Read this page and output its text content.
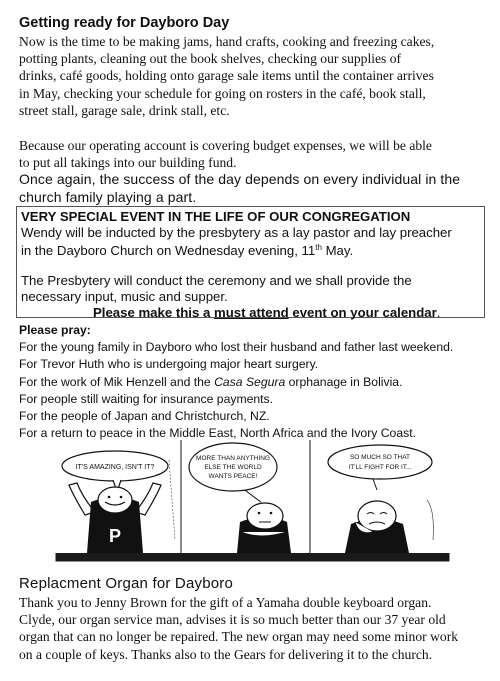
Getting ready for Dayboro Day
Now is the time to be making jams, hand crafts, cooking and freezing cakes,
potting plants, cleaning out the book shelves, checking our supplies of
drinks, café goods, holding onto garage sale items until the container arrives
in May, checking your schedule for going on rosters in the café, book stall,
street stall, garage sale, drink stall, etc.
Because our operating account is covering budget expenses, we will be able
to put all takings into our building fund.
Once again, the success of the day depends on every individual in the
church family playing a part.
VERY SPECIAL EVENT IN THE LIFE OF OUR CONGREGATION
Wendy will be inducted by the presbytery as a lay pastor and lay preacher
in the Dayboro Church on Wednesday evening, 11th May.
The Presbytery will conduct the ceremony and we shall provide the
necessary input, music and supper.
Please make this a must attend event on your calendar.
Please pray:
For the young family in Dayboro who lost their husband and father last weekend.
For Trevor Huth who is undergoing major heart surgery.
For the work of Mik Henzell and the Casa Segura orphanage in Bolivia.
For people still waiting for insurance payments.
For the people of Japan and Christchurch, NZ.
For a return to peace in the Middle East, North Africa and the Ivory Coast.
IT'S AMAZING, ISN'T IT?
P
MORE THAN ANYTHING
ELSE THE WORLD
WANTS PEACE!
SO MUCH SO THAT
IT'LL FIGHT FOR IT...
Replacment Organ for Dayboro
Thank you to Jenny Brown for the gift of a Yamaha double keyboard organ.
Clyde, our organ service man, advises it is so much better than our 37 year old
organ that can no longer be repaired. The new organ may need some minor work
on a couple of keys. Thanks also to the Gears for delivering it to the church.
